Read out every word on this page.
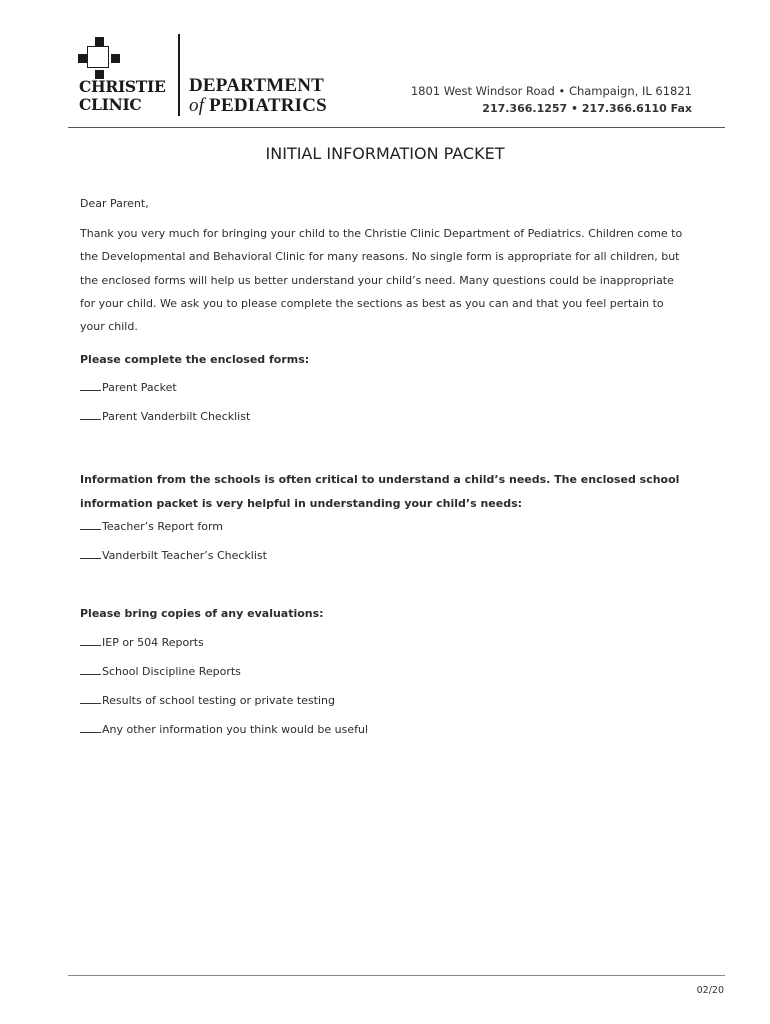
CHRISTIE
CLINIC
DEPARTMENT
of PEDIATRICS
1801 West Windsor Road • Champaign, IL 61821
217.366.1257 • 217.366.6110 Fax
INITIAL INFORMATION PACKET
Dear Parent,
Thank you very much for bringing your child to the Christie Clinic Department of Pediatrics. Children come to the Developmental and Behavioral Clinic for many reasons. No single form is appropriate for all children, but the enclosed forms will help us better understand your child’s need. Many questions could be inappropriate for your child. We ask you to please complete the sections as best as you can and that you feel pertain to your child.
Please complete the enclosed forms:
Parent Packet
Parent Vanderbilt Checklist
Information from the schools is often critical to understand a child’s needs. The enclosed school information packet is very helpful in understanding your child’s needs:
Teacher’s Report form
Vanderbilt Teacher’s Checklist
Please bring copies of any evaluations:
IEP or 504 Reports
School Discipline Reports
Results of school testing or private testing
Any other information you think would be useful
02/20
